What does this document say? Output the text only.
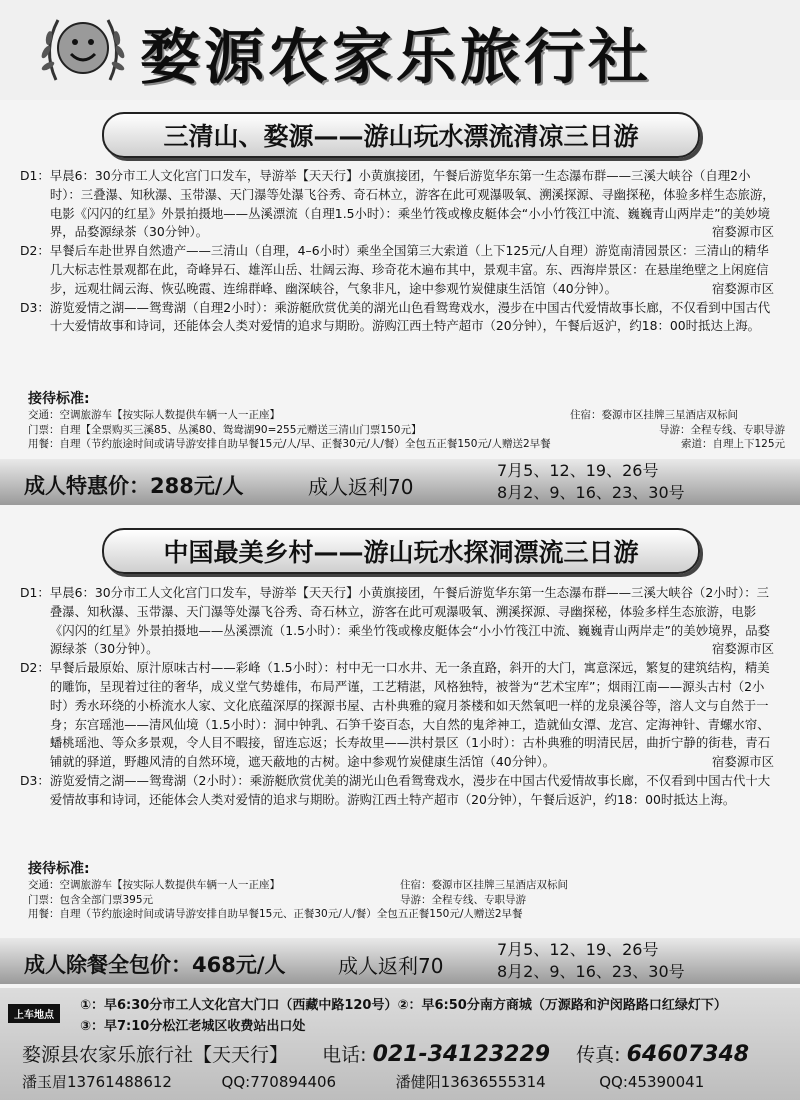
婺源农家乐旅行社
三清山、婺源——游山玩水漂流清凉三日游
D1： 早晨6：30分市工人文化宫门口发车，导游举【天天行】小黄旗接团，午餐后游览华东第一生态瀑布群——三溪大峡谷（自理2小时）：三叠瀑、知秋瀑、玉带瀑、天门瀑等处瀑飞谷秀、奇石林立，游客在此可观瀑吸氧、溯溪探源、寻幽探秘，体验多样生态旅游，电影《闪闪的红星》外景拍摄地——丛溪漂流（自理1.5小时）：乘坐竹筏或橡皮艇体会“小小竹筏江中流、巍巍青山两岸走”的美妙境界，品婺源绿茶（30分钟）。	宿婺源市区
D2： 早餐后车赴世界自然遗产——三清山（自理，4–6小时）乘坐全国第三大索道（上下125元/人自理）游览南清园景区：三清山的精华几大标志性景观都在此，奇峰异石、雄浑山岳、壮阔云海、珍奇花木遍布其中，景观丰富。东、西海岸景区：在悬崖绝壁之上闲庭信步，远观壮阔云海、恢弘晚霞、连绵群峰、幽深峡谷，气象非凡，途中参观竹炭健康生活馆（40分钟）。	宿婺源市区
D3： 游览爱情之湖——鸳鸯湖（自理2小时）：乘游艇欣赏优美的湖光山色看鸳鸯戏水，漫步在中国古代爱情故事长廊，不仅看到中国古代十大爱情故事和诗词，还能体会人类对爱情的追求与期盼。游购江西土特产超市（20分钟），午餐后返沪，约18：00时抵达上海。
接待标准:
交通：空调旅游车【按实际人数提供车辆一人一正座】
门票：自理【全票购买三溪85、丛溪80、鸳鸯湖90=255元赠送三清山门票150元】
用餐：自理（节约旅途时间或请导游安排自助早餐15元/人/早、正餐30元/人/餐）全包五正餐150元/人赠送2早餐
住宿：婺源市区挂牌三星酒店双标间
导游：全程专线、专职导游
索道：自理上下125元
成人特惠价：288元/人	成人返利70
7月5、12、19、26号
8月2、9、16、23、30号
中国最美乡村——游山玩水探洞漂流三日游
D1： 早晨6：30分市工人文化宫门口发车，导游举【天天行】小黄旗接团，午餐后游览华东第一生态瀑布群——三溪大峡谷（2小时）：三叠瀑、知秋瀑、玉带瀑、天门瀑等处瀑飞谷秀、奇石林立，游客在此可观瀑吸氧、溯溪探源、寻幽探秘，体验多样生态旅游，电影《闪闪的红星》外景拍摄地——丛溪漂流（1.5小时）：乘坐竹筏或橡皮艇体会“小小竹筏江中流、巍巍青山两岸走”的美妙境界，品婺源绿茶（30分钟）。	宿婺源市区
D2： 早餐后最原始、原汁原味古村——彩峰（1.5小时）：村中无一口水井、无一条直路，斜开的大门，寓意深远，繁复的建筑结构，精美的雕饰，呈现着过往的奢华，成义堂气势雄伟，布局严谨，工艺精湛，风格独特，被誉为“艺术宝库”；烟雨江南——源头古村（2小时）秀水环绕的小桥流水人家、文化底蕴深厚的探源书屋、古朴典雅的窥月茶楼和如天然氧吧一样的龙泉溪谷等，溶人文与自然于一身；东宫瑶池——清风仙境（1.5小时）：洞中钟乳、石笋千姿百态，大自然的鬼斧神工，造就仙女潭、龙宫、定海神针、青螺水帘、蟠桃瑶池、等众多景观，令人目不暇接，留连忘返；长寿故里——洪村景区（1小时）：古朴典雅的明清民居，曲折宁静的街巷，青石铺就的驿道，野趣风清的自然环境，遮天蔽地的古树。途中参观竹炭健康生活馆（40分钟）。	宿婺源市区
D3： 游览爱情之湖——鸳鸯湖（2小时）：乘游艇欣赏优美的湖光山色看鸳鸯戏水，漫步在中国古代爱情故事长廊，不仅看到中国古代十大爱情故事和诗词，还能体会人类对爱情的追求与期盼。游购江西土特产超市（20分钟），午餐后返沪，约18：00时抵达上海。
接待标准:
交通：空调旅游车【按实际人数提供车辆一人一正座】
门票：包含全部门票395元
用餐：自理（节约旅途时间或请导游安排自助早餐15元、正餐30元/人/餐）全包五正餐150元/人赠送2早餐
住宿：婺源市区挂牌三星酒店双标间
导游：全程专线、专职导游
成人除餐全包价：468元/人	成人返利70
7月5、12、19、26号
8月2、9、16、23、30号
上车地点
①：早6:30分市工人文化宫大门口（西藏中路120号）②：早6:50分南方商城（万源路和沪闵路路口红绿灯下）
③：早7:10分松江老城区收费站出口处
婺源县农家乐旅行社【天天行】 电话: 021-34123229 传真: 64607348
潘玉眉13761488612	QQ:770894406	潘健阳13636555314	QQ:45390041
